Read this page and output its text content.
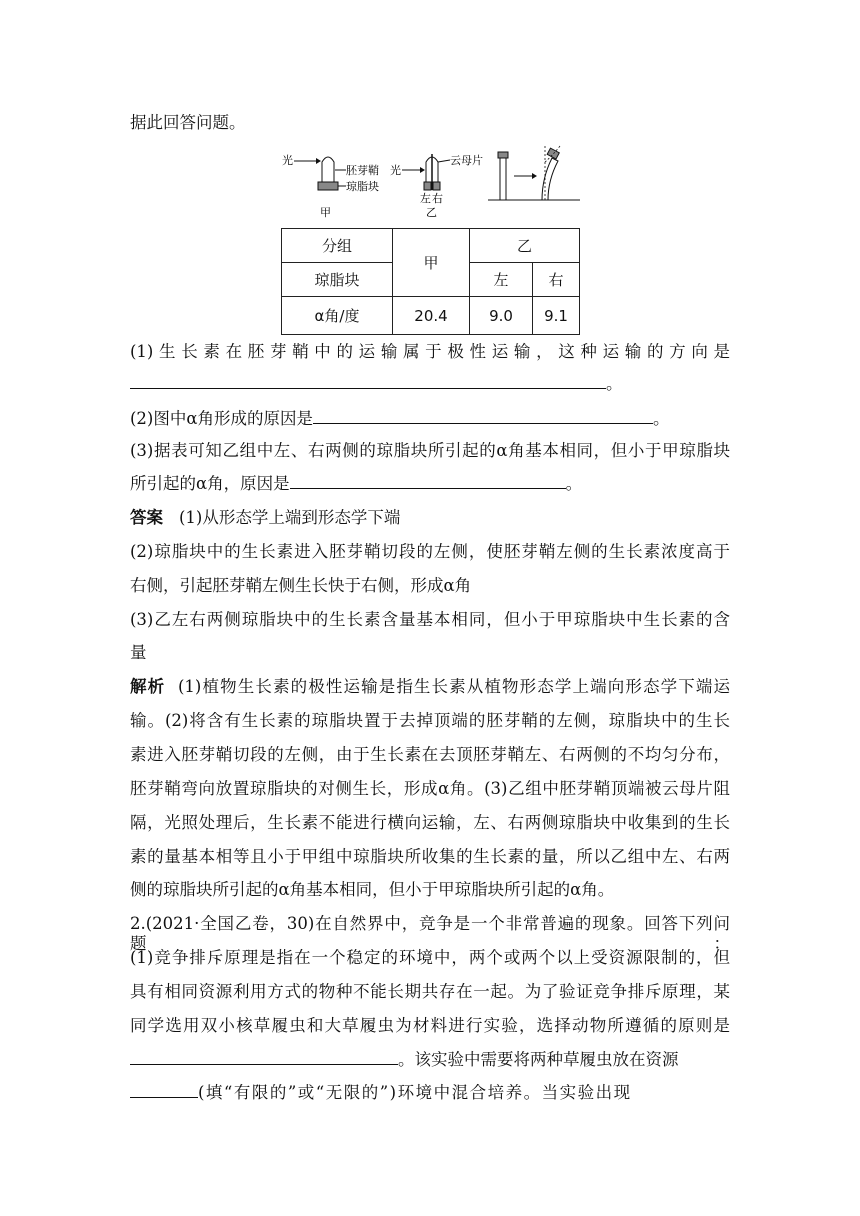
据此回答问题。
光
胚芽鞘
琼脂块
甲
光
云母片
左 右
乙
分组	甲	乙	
琼脂块		左	右
α角/度	20.4	9.0	9.1
(1)生长素在胚芽鞘中的运输属于极性运输，这种运输的方向是
。
(2)图中α角形成的原因是	。
(3)据表可知乙组中左、右两侧的琼脂块所引起的α角基本相同，但小于甲琼脂块
所引起的α角，原因是	。
答案 (1)从形态学上端到形态学下端
(2)琼脂块中的生长素进入胚芽鞘切段的左侧，使胚芽鞘左侧的生长素浓度高于
右侧，引起胚芽鞘左侧生长快于右侧，形成α角
(3)乙左右两侧琼脂块中的生长素含量基本相同，但小于甲琼脂块中生长素的含
量
解析 (1)植物生长素的极性运输是指生长素从植物形态学上端向形态学下端运
输。(2)将含有生长素的琼脂块置于去掉顶端的胚芽鞘的左侧，琼脂块中的生长
素进入胚芽鞘切段的左侧，由于生长素在去顶胚芽鞘左、右两侧的不均匀分布，
胚芽鞘弯向放置琼脂块的对侧生长，形成α角。(3)乙组中胚芽鞘顶端被云母片阻
隔，光照处理后，生长素不能进行横向运输，左、右两侧琼脂块中收集到的生长
素的量基本相等且小于甲组中琼脂块所收集的生长素的量，所以乙组中左、右两
侧的琼脂块所引起的α角基本相同，但小于甲琼脂块所引起的α角。
2.(2021·全国乙卷，30)在自然界中，竞争是一个非常普遍的现象。回答下列问题：
(1)竞争排斥原理是指在一个稳定的环境中，两个或两个以上受资源限制的，但
具有相同资源利用方式的物种不能长期共存在一起。为了验证竞争排斥原理，某
同学选用双小核草履虫和大草履虫为材料进行实验，选择动物所遵循的原则是
。该实验中需要将两种草履虫放在资源
(填“有限的”或“无限的”)环境中混合培养。当实验出现
